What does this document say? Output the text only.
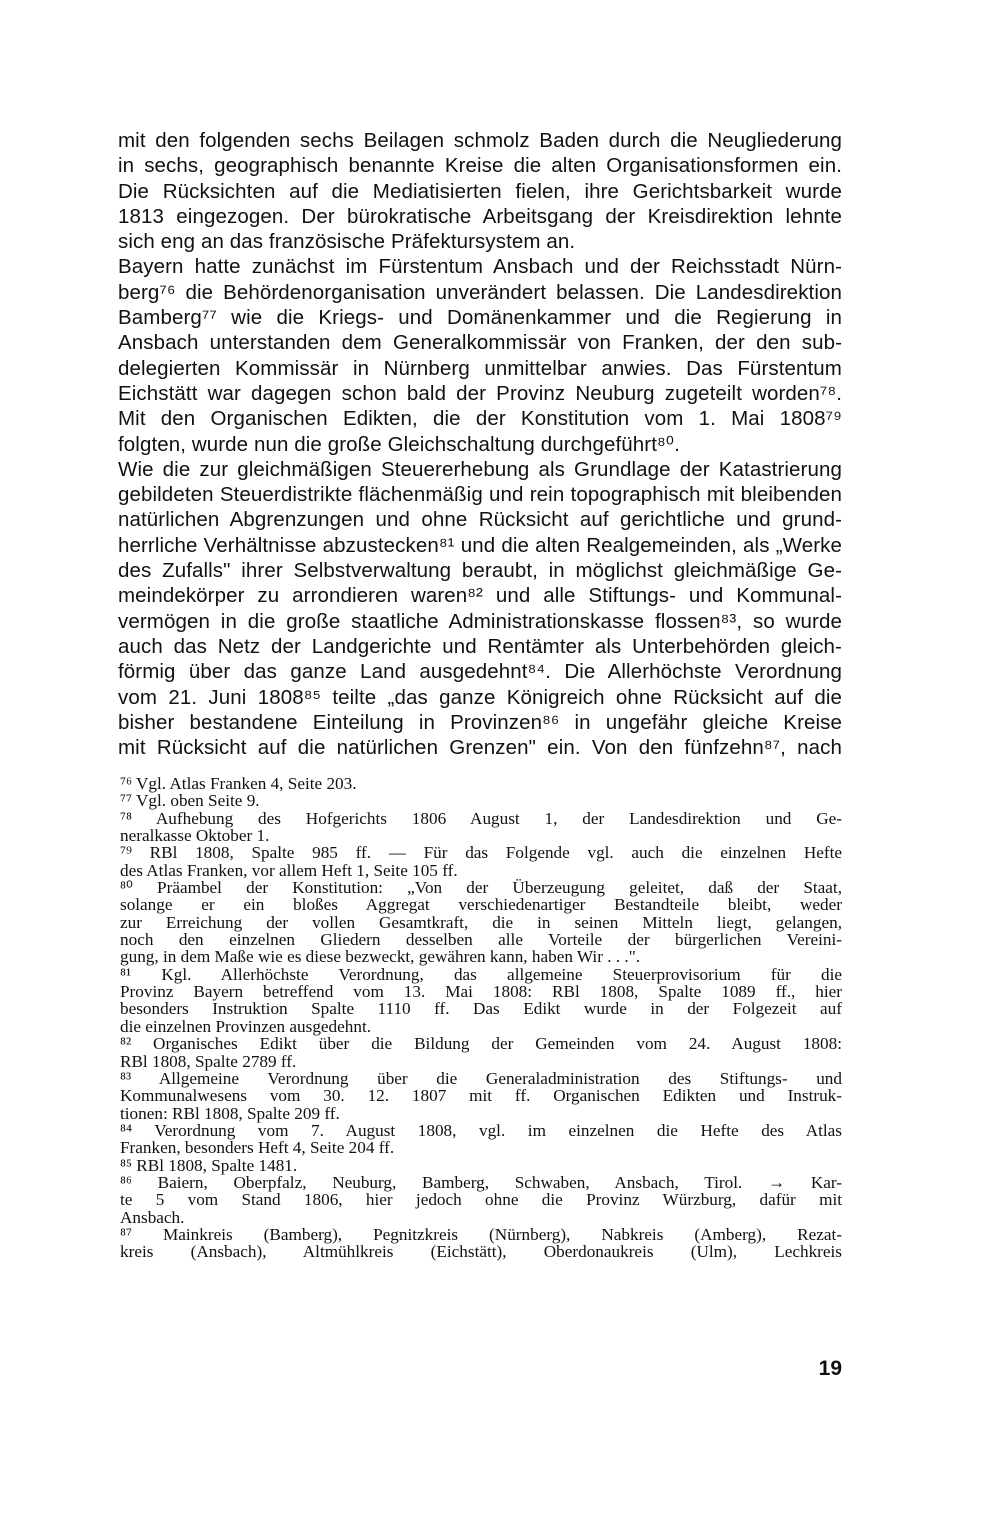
mit den folgenden sechs Beilagen schmolz Baden durch die Neugliederung
in sechs, geographisch benannte Kreise die alten Organisationsformen ein.
Die Rücksichten auf die Mediatisierten fielen, ihre Gerichtsbarkeit wurde
1813 eingezogen. Der bürokratische Arbeitsgang der Kreisdirektion lehnte
sich eng an das französische Präfektursystem an.
Bayern hatte zunächst im Fürstentum Ansbach und der Reichsstadt Nürn-
berg⁷⁶ die Behördenorganisation unverändert belassen. Die Landesdirektion
Bamberg⁷⁷ wie die Kriegs- und Domänenkammer und die Regierung in
Ansbach unterstanden dem Generalkommissär von Franken, der den sub-
delegierten Kommissär in Nürnberg unmittelbar anwies. Das Fürstentum
Eichstätt war dagegen schon bald der Provinz Neuburg zugeteilt worden⁷⁸.
Mit den Organischen Edikten, die der Konstitution vom 1. Mai 1808⁷⁹
folgten, wurde nun die große Gleichschaltung durchgeführt⁸⁰.
Wie die zur gleichmäßigen Steuererhebung als Grundlage der Katastrierung
gebildeten Steuerdistrikte flächenmäßig und rein topographisch mit bleibenden
natürlichen Abgrenzungen und ohne Rücksicht auf gerichtliche und grund-
herrliche Verhältnisse abzustecken⁸¹ und die alten Realgemeinden, als „Werke
des Zufalls" ihrer Selbstverwaltung beraubt, in möglichst gleichmäßige Ge-
meindekörper zu arrondieren waren⁸² und alle Stiftungs- und Kommunal-
vermögen in die große staatliche Administrationskasse flossen⁸³, so wurde
auch das Netz der Landgerichte und Rentämter als Unterbehörden gleich-
förmig über das ganze Land ausgedehnt⁸⁴. Die Allerhöchste Verordnung
vom 21. Juni 1808⁸⁵ teilte „das ganze Königreich ohne Rücksicht auf die
bisher bestandene Einteilung in Provinzen⁸⁶ in ungefähr gleiche Kreise
mit Rücksicht auf die natürlichen Grenzen" ein. Von den fünfzehn⁸⁷, nach
⁷⁶ Vgl. Atlas Franken 4, Seite 203.
⁷⁷ Vgl. oben Seite 9.
⁷⁸ Aufhebung des Hofgerichts 1806 August 1, der Landesdirektion und Ge-
neralkasse Oktober 1.
⁷⁹ RBl 1808, Spalte 985 ff. — Für das Folgende vgl. auch die einzelnen Hefte
des Atlas Franken, vor allem Heft 1, Seite 105 ff.
⁸⁰ Präambel der Konstitution: „Von der Überzeugung geleitet, daß der Staat,
solange er ein bloßes Aggregat verschiedenartiger Bestandteile bleibt, weder
zur Erreichung der vollen Gesamtkraft, die in seinen Mitteln liegt, gelangen,
noch den einzelnen Gliedern desselben alle Vorteile der bürgerlichen Vereini-
gung, in dem Maße wie es diese bezweckt, gewähren kann, haben Wir . . .".
⁸¹ Kgl. Allerhöchste Verordnung, das allgemeine Steuerprovisorium für die
Provinz Bayern betreffend vom 13. Mai 1808: RBl 1808, Spalte 1089 ff., hier
besonders Instruktion Spalte 1110 ff. Das Edikt wurde in der Folgezeit auf
die einzelnen Provinzen ausgedehnt.
⁸² Organisches Edikt über die Bildung der Gemeinden vom 24. August 1808:
RBl 1808, Spalte 2789 ff.
⁸³ Allgemeine Verordnung über die Generaladministration des Stiftungs- und
Kommunalwesens vom 30. 12. 1807 mit ff. Organischen Edikten und Instruk-
tionen: RBl 1808, Spalte 209 ff.
⁸⁴ Verordnung vom 7. August 1808, vgl. im einzelnen die Hefte des Atlas
Franken, besonders Heft 4, Seite 204 ff.
⁸⁵ RBl 1808, Spalte 1481.
⁸⁶ Baiern, Oberpfalz, Neuburg, Bamberg, Schwaben, Ansbach, Tirol. → Kar-
te 5 vom Stand 1806, hier jedoch ohne die Provinz Würzburg, dafür mit
Ansbach.
⁸⁷ Mainkreis (Bamberg), Pegnitzkreis (Nürnberg), Nabkreis (Amberg), Rezat-
kreis (Ansbach), Altmühlkreis (Eichstätt), Oberdonaukreis (Ulm), Lechkreis
19
